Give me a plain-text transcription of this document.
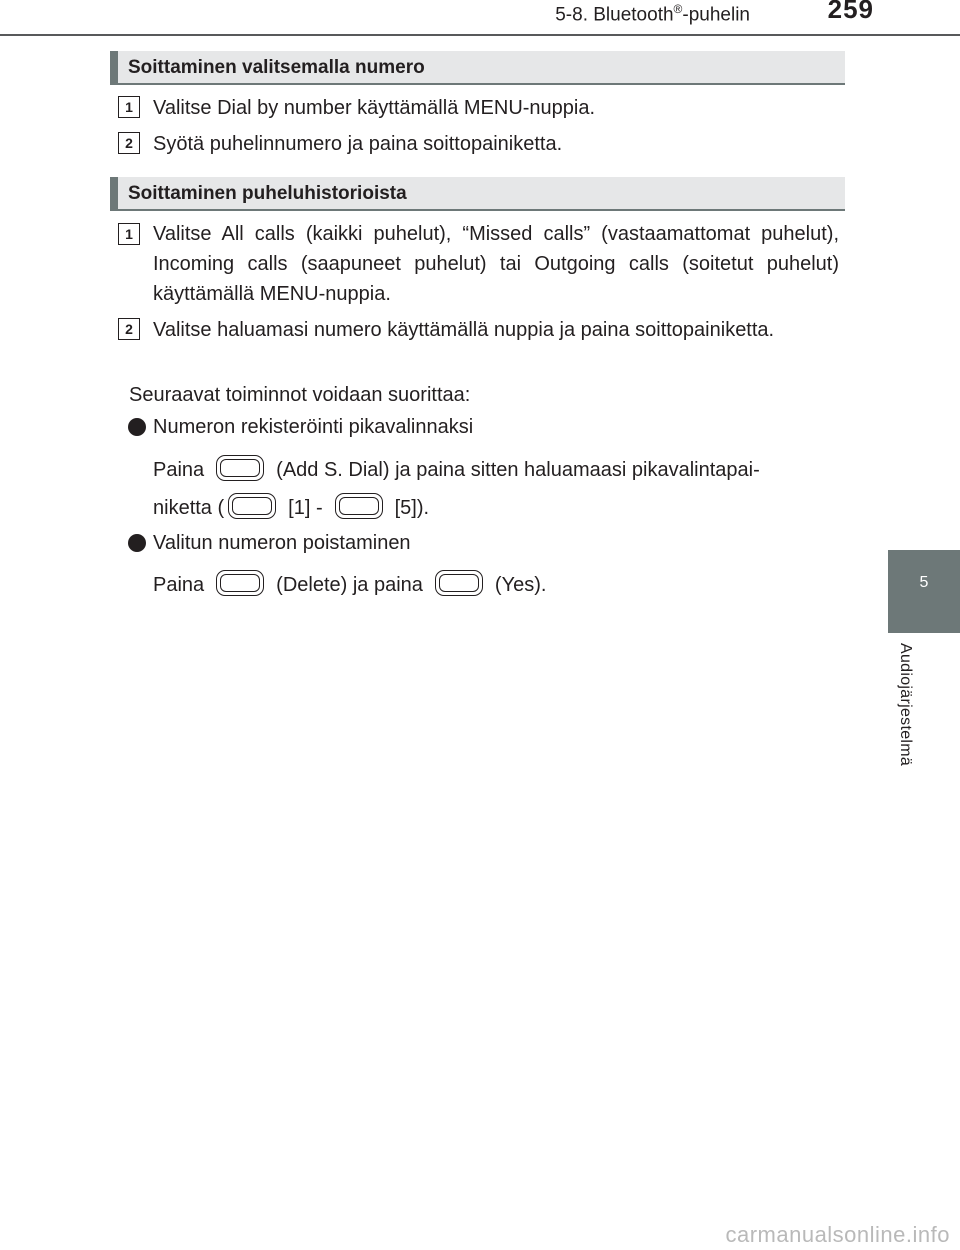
5-8. Bluetooth®-puhelin	259
5
Audiojärjestelmä
Soittaminen valitsemalla numero
1	Valitse Dial by number käyttämällä MENU-nuppia.
2	Syötä puhelinnumero ja paina soittopainiketta.
Soittaminen puheluhistorioista
1	Valitse All calls (kaikki puhelut), “Missed calls” (vastaamattomat puhelut), Incoming calls (saapuneet puhelut) tai Outgoing calls (soitetut puhelut) käyttämällä MENU-nuppia.
2	Valitse haluamasi numero käyttämällä nuppia ja paina soittopainiketta.
Seuraavat toiminnot voidaan suorittaa:
Numeron rekisteröinti pikavalinnaksi
Paina	(Add S. Dial) ja paina sitten haluamaasi pikavalintapai-
niketta (	[1] -	[5]).
Valitun numeron poistaminen
Paina	(Delete) ja paina	(Yes).
carmanualsonline.info
